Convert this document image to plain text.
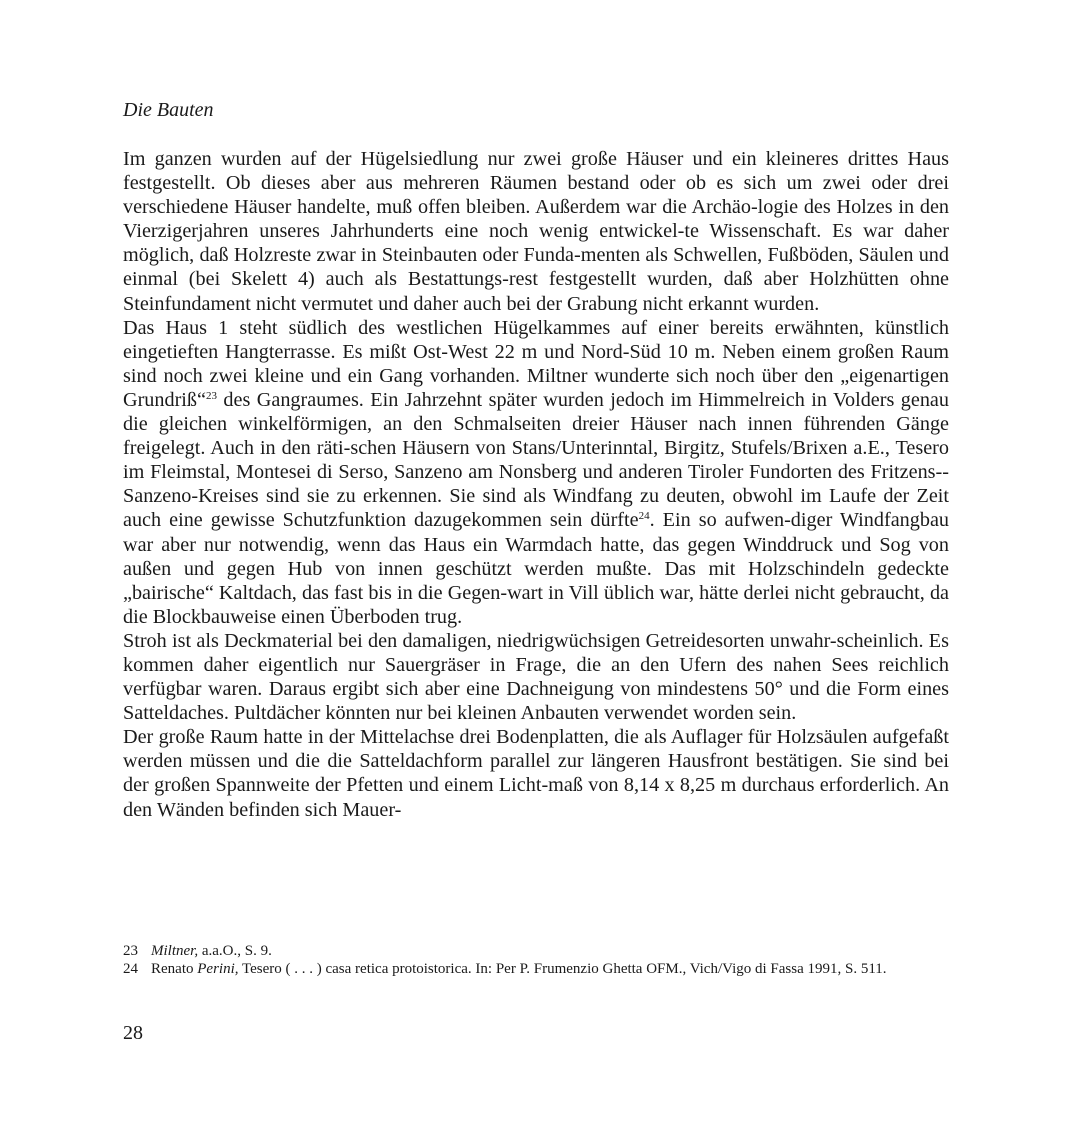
Die Bauten

Im ganzen wurden auf der Hügelsiedlung nur zwei große Häuser und ein kleineres drittes Haus festgestellt. Ob dieses aber aus mehreren Räumen bestand oder ob es sich um zwei oder drei verschiedene Häuser handelte, muß offen bleiben. Außerdem war die Archäo-logie des Holzes in den Vierzigerjahren unseres Jahrhunderts eine noch wenig entwickel-te Wissenschaft. Es war daher möglich, daß Holzreste zwar in Steinbauten oder Funda-menten als Schwellen, Fußböden, Säulen und einmal (bei Skelett 4) auch als Bestattungs-rest festgestellt wurden, daß aber Holzhütten ohne Steinfundament nicht vermutet und daher auch bei der Grabung nicht erkannt wurden.

Das Haus 1 steht südlich des westlichen Hügelkammes auf einer bereits erwähnten, künstlich eingetieften Hangterrasse. Es mißt Ost-West 22 m und Nord-Süd 10 m. Neben einem großen Raum sind noch zwei kleine und ein Gang vorhanden. Miltner wunderte sich noch über den „eigenartigen Grundriß“$^{23}$ des Gangraumes. Ein Jahrzehnt später wurden jedoch im Himmelreich in Volders genau die gleichen winkelförmigen, an den Schmalseiten dreier Häuser nach innen führenden Gänge freigelegt. Auch in den räti-schen Häusern von Stans/Unterinntal, Birgitz, Stufels/Brixen a.E., Tesero im Fleimstal, Montesei di Serso, Sanzeno am Nonsberg und anderen Tiroler Fundorten des Fritzens-Sanzeno-Kreises sind sie zu erkennen. Sie sind als Windfang zu deuten, obwohl im Laufe der Zeit auch eine gewisse Schutzfunktion dazugekommen sein dürfte$^{24}$. Ein so aufwen-diger Windfangbau war aber nur notwendig, wenn das Haus ein Warmdach hatte, das gegen Winddruck und Sog von außen und gegen Hub von innen geschützt werden mußte. Das mit Holzschindeln gedeckte „bairische“ Kaltdach, das fast bis in die Gegen-wart in Vill üblich war, hätte derlei nicht gebraucht, da die Blockbauweise einen Überboden trug.

Stroh ist als Deckmaterial bei den damaligen, niedrigwüchsigen Getreidesorten unwahr-scheinlich. Es kommen daher eigentlich nur Sauergräser in Frage, die an den Ufern des nahen Sees reichlich verfügbar waren. Daraus ergibt sich aber eine Dachneigung von mindestens 50° und die Form eines Satteldaches. Pultdächer könnten nur bei kleinen Anbauten verwendet worden sein.

Der große Raum hatte in der Mittelachse drei Bodenplatten, die als Auflager für Holzsäulen aufgefaßt werden müssen und die die Satteldachform parallel zur längeren Hausfront bestätigen. Sie sind bei der großen Spannweite der Pfetten und einem Licht-maß von 8,14 x 8,25 m durchaus erforderlich. An den Wänden befinden sich Mauer-

23 Miltner, a.a.O., S. 9.
24 Renato Perini, Tesero ( . . . ) casa retica protoistorica. In: Per P. Frumenzio Ghetta OFM., Vich/Vigo di Fassa 1991, S. 511.
28
